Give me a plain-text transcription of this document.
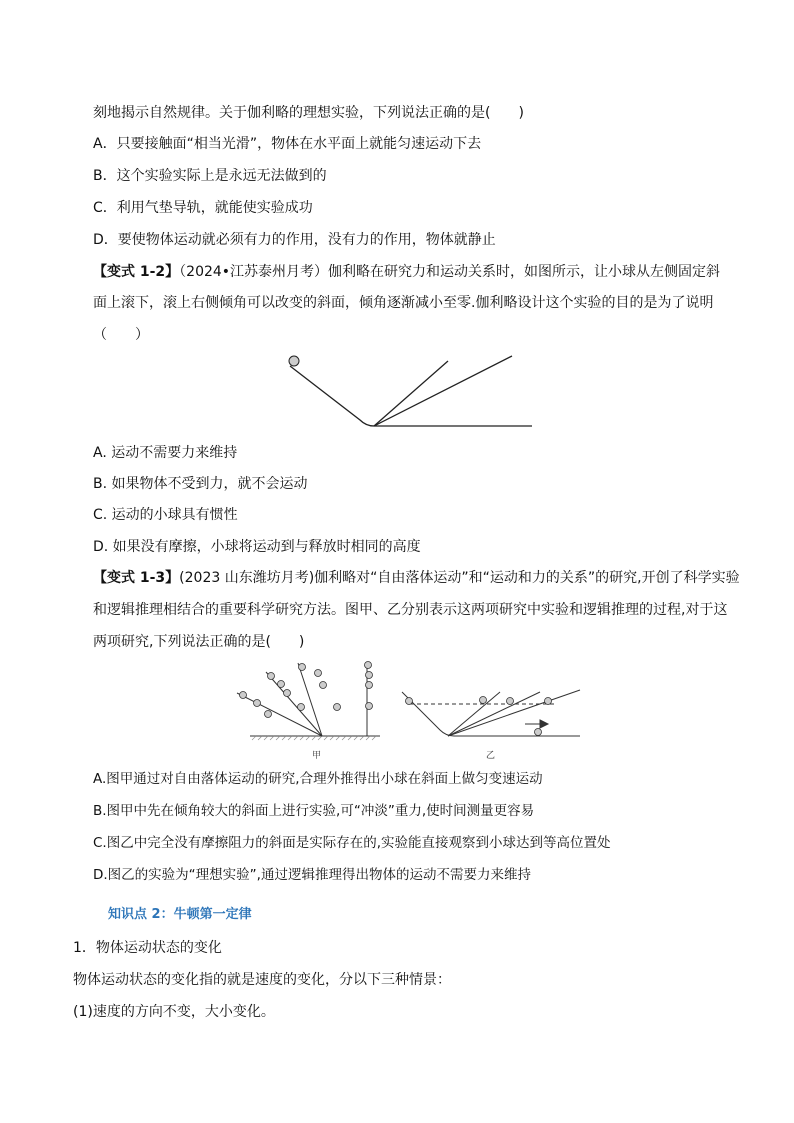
刻地揭示自然规律。关于伽利略的理想实验，下列说法正确的是(　　)
A．只要接触面“相当光滑”，物体在水平面上就能匀速运动下去
B．这个实验实际上是永远无法做到的
C．利用气垫导轨，就能使实验成功
D．要使物体运动就必须有力的作用，没有力的作用，物体就静止
【变式 1-2】（2024•江苏泰州月考）伽利略在研究力和运动关系时，如图所示，让小球从左侧固定斜
面上滚下，滚上右侧倾角可以改变的斜面，倾角逐渐减小至零.伽利略设计这个实验的目的是为了说明
（　　）
A. 运动不需要力来维持
B. 如果物体不受到力，就不会运动
C. 运动的小球具有惯性
D. 如果没有摩擦，小球将运动到与释放时相同的高度
【变式 1-3】(2023 山东潍坊月考)伽利略对“自由落体运动”和“运动和力的关系”的研究,开创了科学实验
和逻辑推理相结合的重要科学研究方法。图甲、乙分别表示这两项研究中实验和逻辑推理的过程,对于这
两项研究,下列说法正确的是(　　)
甲	乙
A.图甲通过对自由落体运动的研究,合理外推得出小球在斜面上做匀变速运动
B.图甲中先在倾角较大的斜面上进行实验,可“冲淡”重力,使时间测量更容易
C.图乙中完全没有摩擦阻力的斜面是实际存在的,实验能直接观察到小球达到等高位置处
D.图乙的实验为“理想实验”,通过逻辑推理得出物体的运动不需要力来维持
知识点 2：牛顿第一定律
1．物体运动状态的变化
物体运动状态的变化指的就是速度的变化，分以下三种情景：
(1)速度的方向不变，大小变化。
